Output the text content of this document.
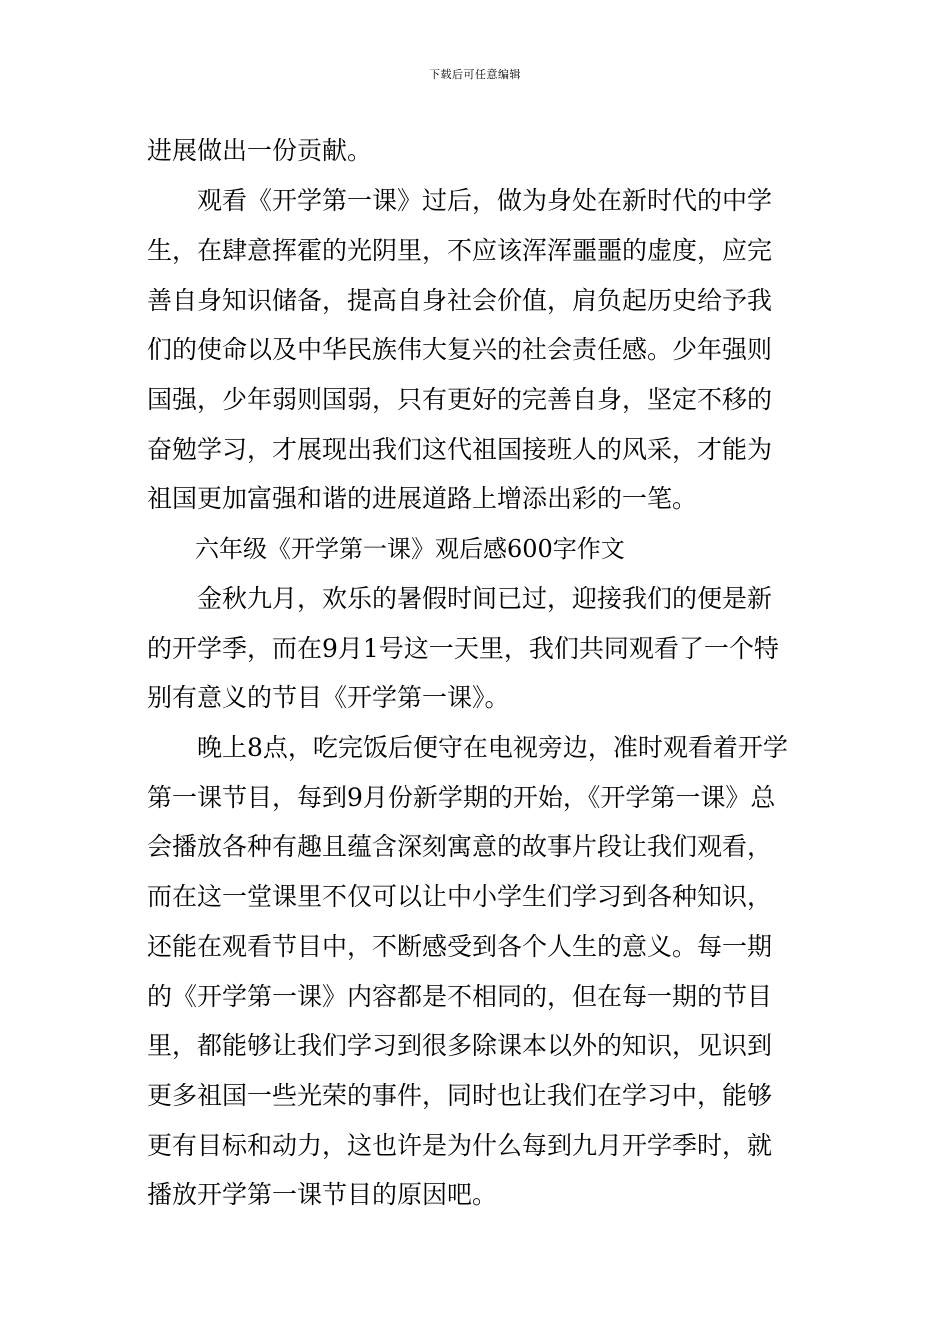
下载后可任意编辑
进展做出一份贡献。
　　观看《开学第一课》过后，做为身处在新时代的中学
生，在肆意挥霍的光阴里，不应该浑浑噩噩的虚度，应完
善自身知识储备，提高自身社会价值，肩负起历史给予我
们的使命以及中华民族伟大复兴的社会责任感。少年强则
国强，少年弱则国弱，只有更好的完善自身，坚定不移的
奋勉学习，才展现出我们这代祖国接班人的风采，才能为
祖国更加富强和谐的进展道路上增添出彩的一笔。
　　六年级《开学第一课》观后感600字作文
　　金秋九月，欢乐的暑假时间已过，迎接我们的便是新
的开学季，而在9月1号这一天里，我们共同观看了一个特
别有意义的节目《开学第一课》。
　　晚上8点，吃完饭后便守在电视旁边，准时观看着开学
第一课节目，每到9月份新学期的开始，《开学第一课》总
会播放各种有趣且蕴含深刻寓意的故事片段让我们观看，
而在这一堂课里不仅可以让中小学生们学习到各种知识，
还能在观看节目中，不断感受到各个人生的意义。每一期
的《开学第一课》内容都是不相同的，但在每一期的节目
里，都能够让我们学习到很多除课本以外的知识，见识到
更多祖国一些光荣的事件，同时也让我们在学习中，能够
更有目标和动力，这也许是为什么每到九月开学季时，就
播放开学第一课节目的原因吧。
